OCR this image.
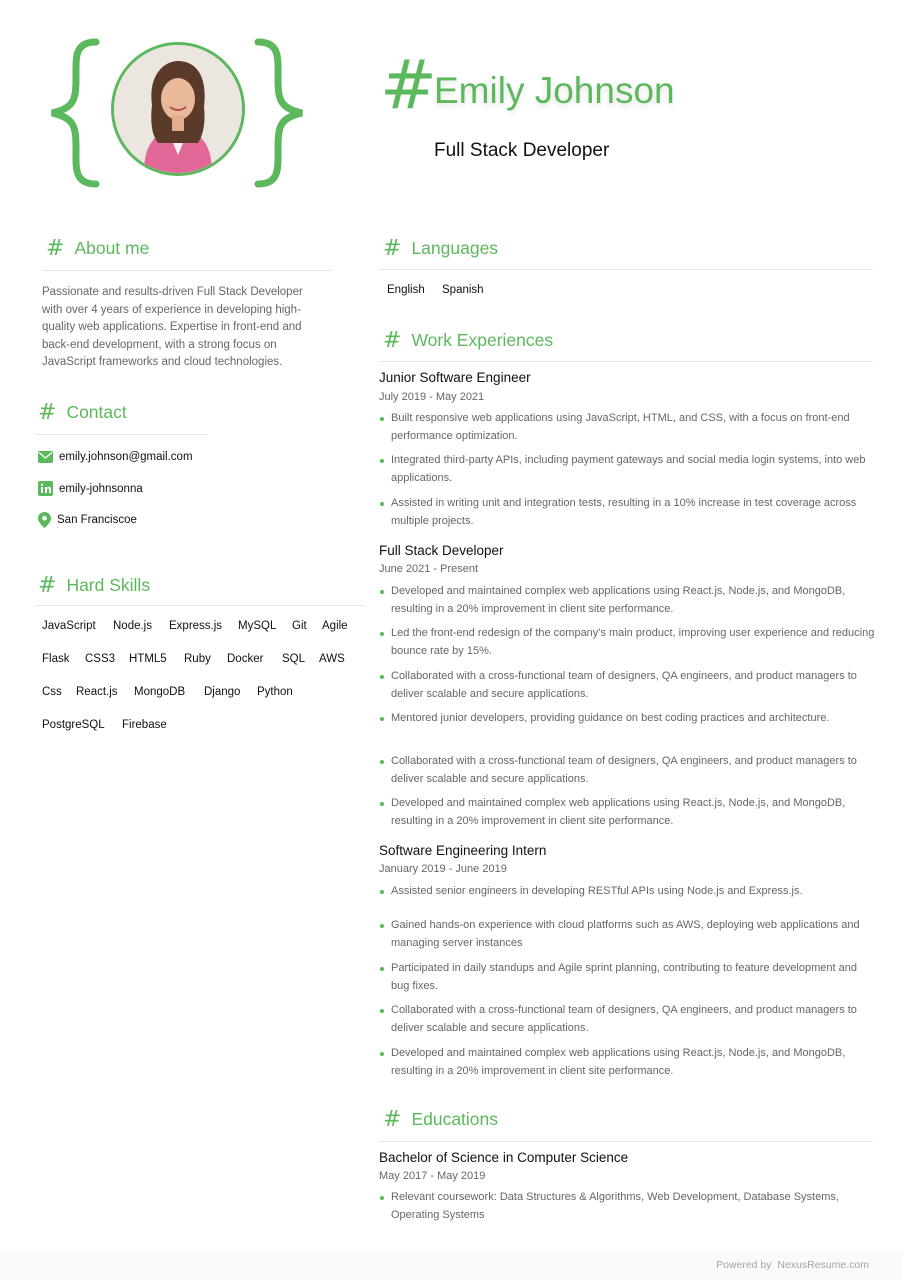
#
Emily Johnson
Full Stack Developer
# About me
Passionate and results-driven Full Stack Developer with over 4 years of experience in developing high-quality web applications. Expertise in front-end and back-end development, with a strong focus on JavaScript frameworks and cloud technologies.
# Contact
emily.johnson@gmail.com
emily-johnsonna
San Franciscoe
# Hard Skills
JavaScript Node.js Express.js MySQL Git Agile
Flask CSS3 HTML5 Ruby Docker SQL AWS
Css React.js MongoDB Django Python
PostgreSQL Firebase
# Languages
English Spanish
# Work Experiences
Junior Software Engineer
July 2019 - May 2021
Built responsive web applications using JavaScript, HTML, and CSS, with a focus on front-end performance optimization.
Integrated third-party APIs, including payment gateways and social media login systems, into web applications.
Assisted in writing unit and integration tests, resulting in a 10% increase in test coverage across multiple projects.
Full Stack Developer
June 2021 - Present
Developed and maintained complex web applications using React.js, Node.js, and MongoDB, resulting in a 20% improvement in client site performance.
Led the front-end redesign of the company's main product, improving user experience and reducing bounce rate by 15%.
Collaborated with a cross-functional team of designers, QA engineers, and product managers to deliver scalable and secure applications.
Mentored junior developers, providing guidance on best coding practices and architecture.
Collaborated with a cross-functional team of designers, QA engineers, and product managers to deliver scalable and secure applications.
Developed and maintained complex web applications using React.js, Node.js, and MongoDB, resulting in a 20% improvement in client site performance.
Software Engineering Intern
January 2019 - June 2019
Assisted senior engineers in developing RESTful APIs using Node.js and Express.js.
Gained hands-on experience with cloud platforms such as AWS, deploying web applications and managing server instances
Participated in daily standups and Agile sprint planning, contributing to feature development and bug fixes.
Collaborated with a cross-functional team of designers, QA engineers, and product managers to deliver scalable and secure applications.
Developed and maintained complex web applications using React.js, Node.js, and MongoDB, resulting in a 20% improvement in client site performance.
# Educations
Bachelor of Science in Computer Science
May 2017 - May 2019
Relevant coursework: Data Structures & Algorithms, Web Development, Database Systems, Operating Systems
Powered by NexusResume.com
